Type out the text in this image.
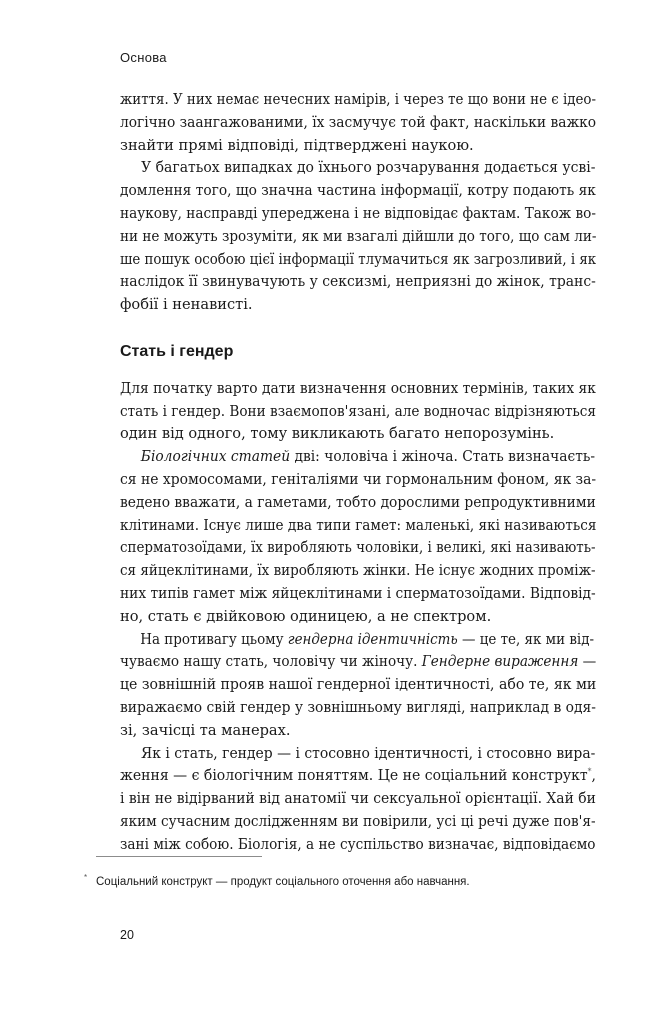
Основа
життя. У них немає нечесних намірів, і через те що вони не є ідео-
логічно заангажованими, їх засмучує той факт, наскільки важко
знайти прямі відповіді, підтверджені наукою.
У багатьох випадках до їхнього розчарування додається усві-
домлення того, що значна частина інформації, котру подають як
наукову, насправді упереджена і не відповідає фактам. Також во-
ни не можуть зрозуміти, як ми взагалі дійшли до того, що сам ли-
ше пошук особою цієї інформації тлумачиться як загрозливий, і як
наслідок її звинувачують у сексизмі, неприязні до жінок, транс-
фобії і ненависті.
Стать і гендер
Для початку варто дати визначення основних термінів, таких як
стать і гендер. Вони взаємопов'язані, але водночас відрізняються
один від одного, тому викликають багато непорозумінь.
Біологічних статей дві: чоловіча і жіноча. Стать визначаєть-
ся не хромосомами, геніталіями чи гормональним фоном, як за-
ведено вважати, а гаметами, тобто дорослими репродуктивними
клітинами. Існує лише два типи гамет: маленькі, які називаються
сперматозоїдами, їх виробляють чоловіки, і великі, які називають-
ся яйцеклітинами, їх виробляють жінки. Не існує жодних проміж-
них типів гамет між яйцеклітинами і сперматозоїдами. Відповід-
но, стать є двійковою одиницею, а не спектром.
На противагу цьому гендерна ідентичність — це те, як ми від-
чуваємо нашу стать, чоловічу чи жіночу. Гендерне вираження —
це зовнішній прояв нашої гендерної ідентичності, або те, як ми
виражаємо свій гендер у зовнішньому вигляді, наприклад в одя-
зі, зачісці та манерах.
Як і стать, гендер — і стосовно ідентичності, і стосовно вира-
ження — є біологічним поняттям. Це не соціальний конструкт*,
і він не відірваний від анатомії чи сексуальної орієнтації. Хай би
яким сучасним дослідженням ви повірили, усі ці речі дуже пов'я-
зані між собою. Біологія, а не суспільство визначає, відповідаємо
* Соціальний конструкт — продукт соціального оточення або навчання.
20
